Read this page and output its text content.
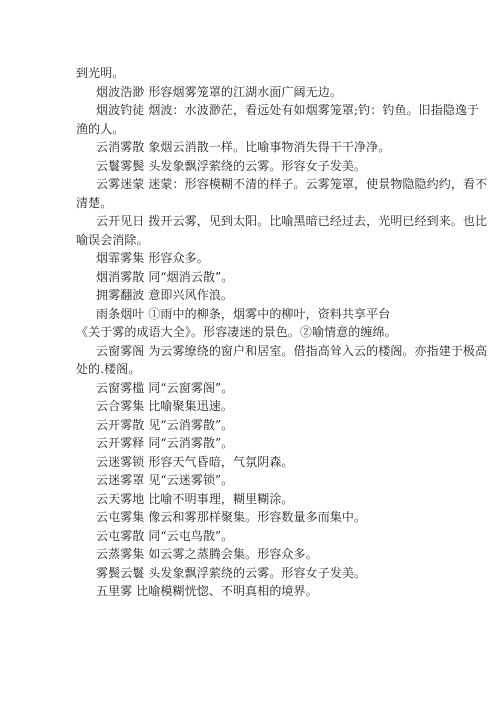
到光明。
烟波浩渺 形容烟雾笼罩的江湖水面广阔无边。
烟波钓徒 烟波：水波渺茫，看远处有如烟雾笼罩;钓：钓鱼。旧指隐逸于
渔的人。
云消雾散 象烟云消散一样。比喻事物消失得干干净净。
云鬟雾鬓 头发象飘浮萦绕的云雾。形容女子发美。
云雾迷蒙 迷蒙：形容模糊不清的样子。云雾笼罩，使景物隐隐约约，看不
清楚。
云开见日 拨开云雾，见到太阳。比喻黑暗已经过去，光明已经到来。也比
喻误会消除。
烟霏雾集 形容众多。
烟消雾散 同“烟消云散”。
拥雾翻波 意即兴风作浪。
雨条烟叶 ①雨中的柳条，烟雾中的柳叶，资料共享平台
《关于雾的成语大全》。形容凄迷的景色。②喻情意的缠绵。
云窗雾阁 为云雾缭绕的窗户和居室。借指高耸入云的楼阁。亦指建于极高
处的.楼阁。
云窗雾槛 同“云窗雾阁”。
云合雾集 比喻聚集迅速。
云开雾散 见“云消雾散”。
云开雾释 同“云消雾散”。
云迷雾锁 形容天气昏暗，气氛阴森。
云迷雾罩 见“云迷雾锁”。
云天雾地 比喻不明事理，糊里糊涂。
云屯雾集 像云和雾那样聚集。形容数量多而集中。
云屯雾散 同“云屯鸟散”。
云蒸雾集 如云雾之蒸腾会集。形容众多。
雾鬓云鬟 头发象飘浮萦绕的云雾。形容女子发美。
五里雾 比喻模糊恍惚、不明真相的境界。
